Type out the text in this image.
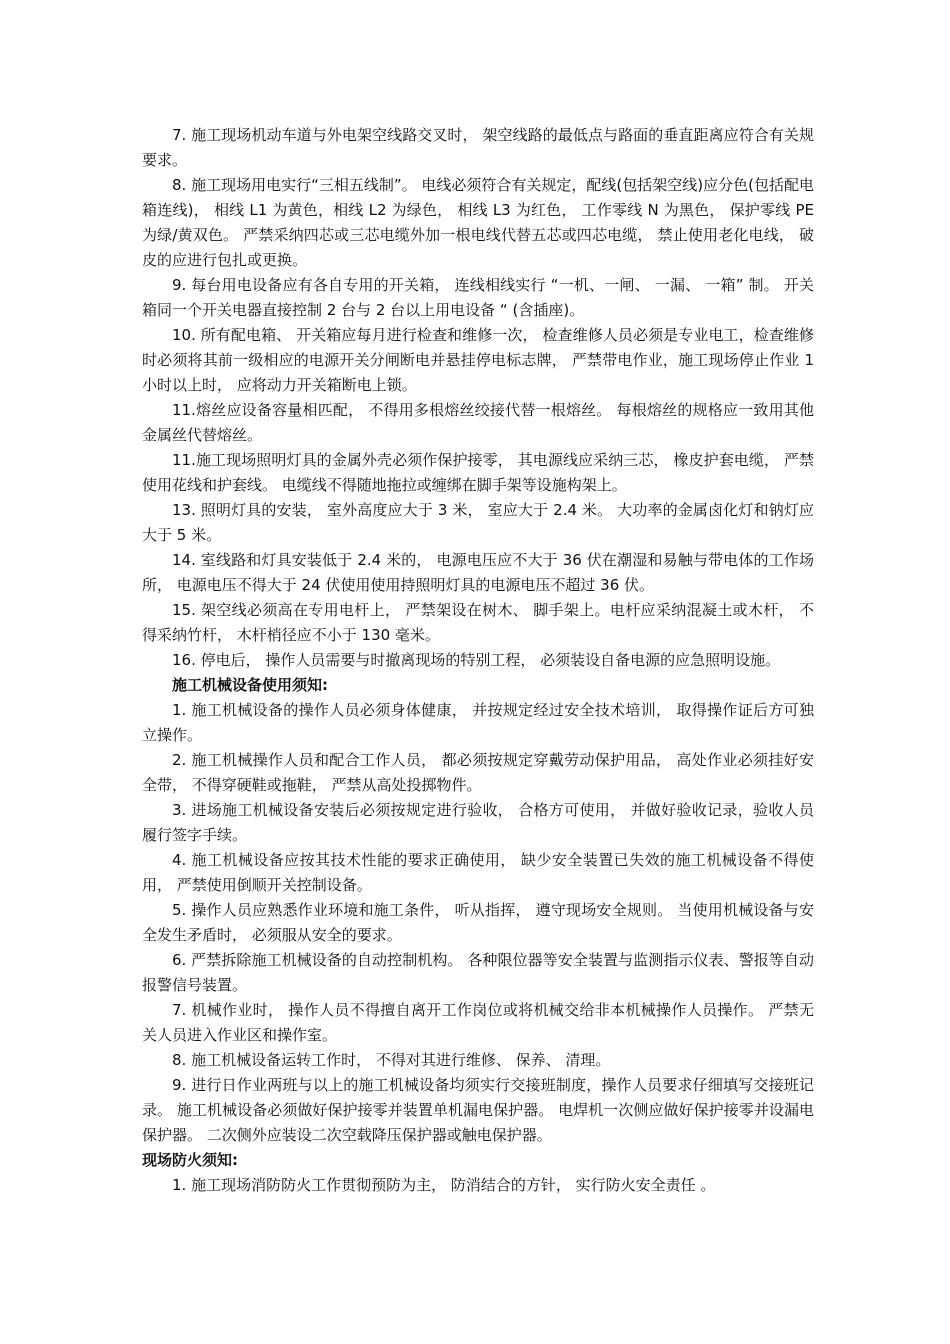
7. 施工现场机动车道与外电架空线路交叉时， 架空线路的最低点与路面的垂直距离应符合有关规要求。

8. 施工现场用电实行“三相五线制”。 电线必须符合有关规定，配线(包括架空线)应分色(包括配电箱连线)， 相线 L1 为黄色，相线 L2 为绿色， 相线 L3 为红色， 工作零线 N 为黑色， 保护零线 PE 为绿/黄双色。 严禁采纳四芯或三芯电缆外加一根电线代替五芯或四芯电缆， 禁止使用老化电线， 破皮的应进行包扎或更换。

9. 每台用电设备应有各自专用的开关箱， 连线相线实行 “一机、一闸、 一漏、 一箱” 制。 开关箱同一个开关电器直接控制 2 台与 2 台以上用电设备 “ (含插座)。

10. 所有配电箱、 开关箱应每月进行检查和维修一次， 检查维修人员必须是专业电工，检查维修时必须将其前一级相应的电源开关分闸断电并悬挂停电标志牌， 严禁带电作业，施工现场停止作业 1 小时以上时， 应将动力开关箱断电上锁。

11.熔丝应设备容量相匹配， 不得用多根熔丝绞接代替一根熔丝。 每根熔丝的规格应一致用其他金属丝代替熔丝。

11.施工现场照明灯具的金属外壳必须作保护接零， 其电源线应采纳三芯， 橡皮护套电缆， 严禁使用花线和护套线。 电缆线不得随地拖拉或缠绑在脚手架等设施构架上。

13. 照明灯具的安装， 室外高度应大于 3 米， 室应大于 2.4 米。 大功率的金属卤化灯和钠灯应大于 5 米。

14. 室线路和灯具安装低于 2.4 米的， 电源电压应不大于 36 伏在潮湿和易触与带电体的工作场所， 电源电压不得大于 24 伏使用使用持照明灯具的电源电压不超过 36 伏。

15. 架空线必须高在专用电杆上， 严禁架设在树木、 脚手架上。电杆应采纳混凝土或木杆， 不得采纳竹杆， 木杆梢径应不小于 130 毫米。

16. 停电后， 操作人员需要与时撤离现场的特别工程， 必须装设自备电源的应急照明设施。

施工机械设备使用须知:

1. 施工机械设备的操作人员必须身体健康， 并按规定经过安全技术培训， 取得操作证后方可独立操作。

2. 施工机械操作人员和配合工作人员， 都必须按规定穿戴劳动保护用品， 高处作业必须挂好安全带， 不得穿硬鞋或拖鞋， 严禁从高处投掷物件。

3. 进场施工机械设备安装后必须按规定进行验收， 合格方可使用， 并做好验收记录，验收人员履行签字手续。

4. 施工机械设备应按其技术性能的要求正确使用， 缺少安全装置已失效的施工机械设备不得使用， 严禁使用倒顺开关控制设备。

5. 操作人员应熟悉作业环境和施工条件， 听从指挥， 遵守现场安全规则。 当使用机械设备与安全发生矛盾时， 必须服从安全的要求。

6. 严禁拆除施工机械设备的自动控制机构。 各种限位器等安全装置与监测指示仪表、警报等自动报警信号装置。

7. 机械作业时， 操作人员不得擅自离开工作岗位或将机械交给非本机械操作人员操作。 严禁无关人员进入作业区和操作室。

8. 施工机械设备运转工作时， 不得对其进行维修、 保养、 清理。

9. 进行日作业两班与以上的施工机械设备均须实行交接班制度，操作人员要求仔细填写交接班记录。 施工机械设备必须做好保护接零并装置单机漏电保护器。 电焊机一次侧应做好保护接零并设漏电保护器。 二次侧外应装设二次空载降压保护器或触电保护器。

现场防火须知:

1. 施工现场消防防火工作贯彻预防为主， 防消结合的方针， 实行防火安全责任 。
